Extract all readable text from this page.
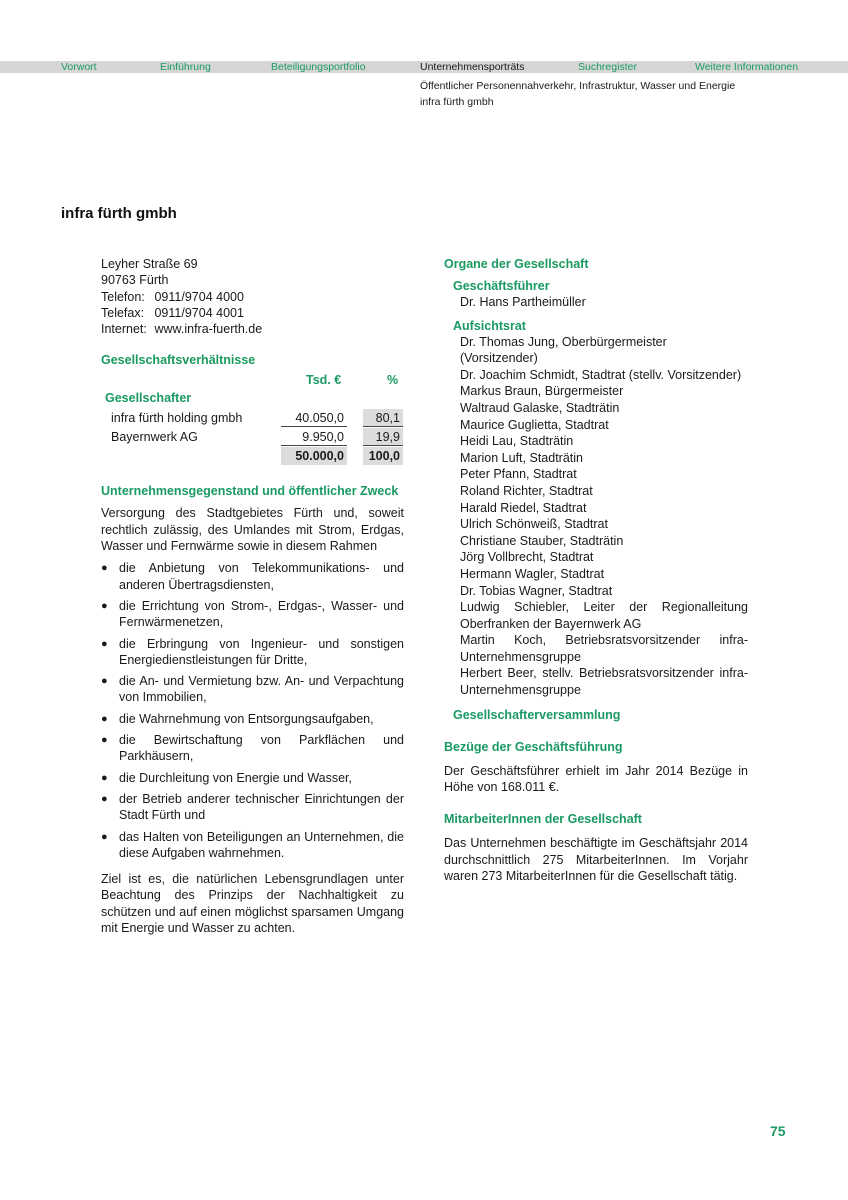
Vorwort	Einführung	Beteiligungsportfolio	Unternehmensporträts	Suchregister	Weitere Informationen
Öffentlicher Personennahverkehr, Infrastruktur, Wasser und Energie
infra fürth gmbh
infra fürth gmbh
Leyher Straße 69
90763 Fürth
Telefon: 0911/9704 4000
Telefax: 0911/9704 4001
Internet: www.infra-fuerth.de
Gesellschaftsverhältnisse
Tsd. €	%
Gesellschafter
infra fürth holding gmbh	40.050,0	80,1
Bayernwerk AG	9.950,0	19,9
50.000,0	100,0
Unternehmensgegenstand und öffentlicher Zweck

Versorgung des Stadtgebietes Fürth und, soweit rechtlich zulässig, des Umlandes mit Strom, Erdgas, Wasser und Fernwärme sowie in diesem Rahmen

● die Anbietung von Telekommunikations- und anderen Übertragsdiensten,
● die Errichtung von Strom-, Erdgas-, Wasser- und Fernwärmenetzen,
● die Erbringung von Ingenieur- und sonstigen Energiedienstleistungen für Dritte,
● die An- und Vermietung bzw. An- und Verpachtung von Immobilien,
● die Wahrnehmung von Entsorgungsaufgaben,
● die Bewirtschaftung von Parkflächen und Parkhäusern,
● die Durchleitung von Energie und Wasser,
● der Betrieb anderer technischer Einrichtungen der Stadt Fürth und
● das Halten von Beteiligungen an Unternehmen, die diese Aufgaben wahrnehmen.

Ziel ist es, die natürlichen Lebensgrundlagen unter Beachtung des Prinzips der Nachhaltigkeit zu schützen und auf einen möglichst sparsamen Umgang mit Energie und Wasser zu achten.

Organe der Gesellschaft
Geschäftsführer
Dr. Hans Partheimüller
Aufsichtsrat
Dr. Thomas Jung, Oberbürgermeister (Vorsitzender)
Dr. Joachim Schmidt, Stadtrat (stellv. Vorsitzender)
Markus Braun, Bürgermeister
Waltraud Galaske, Stadträtin
Maurice Guglietta, Stadtrat
Heidi Lau, Stadträtin
Marion Luft, Stadträtin
Peter Pfann, Stadtrat
Roland Richter, Stadtrat
Harald Riedel, Stadtrat
Ulrich Schönweiß, Stadtrat
Christiane Stauber, Stadträtin
Jörg Vollbrecht, Stadtrat
Hermann Wagler, Stadtrat
Dr. Tobias Wagner, Stadtrat
Ludwig Schiebler, Leiter der Regionalleitung Oberfranken der Bayernwerk AG
Martin Koch, Betriebsratsvorsitzender infra-Unternehmensgruppe
Herbert Beer, stellv. Betriebsratsvorsitzender infra-Unternehmensgruppe
Gesellschafterversammlung
Bezüge der Geschäftsführung

Der Geschäftsführer erhielt im Jahr 2014 Bezüge in Höhe von 168.011 €.

MitarbeiterInnen der Gesellschaft

Das Unternehmen beschäftigte im Geschäftsjahr 2014 durchschnittlich 275 MitarbeiterInnen. Im Vorjahr waren 273 MitarbeiterInnen für die Gesellschaft tätig.

75
